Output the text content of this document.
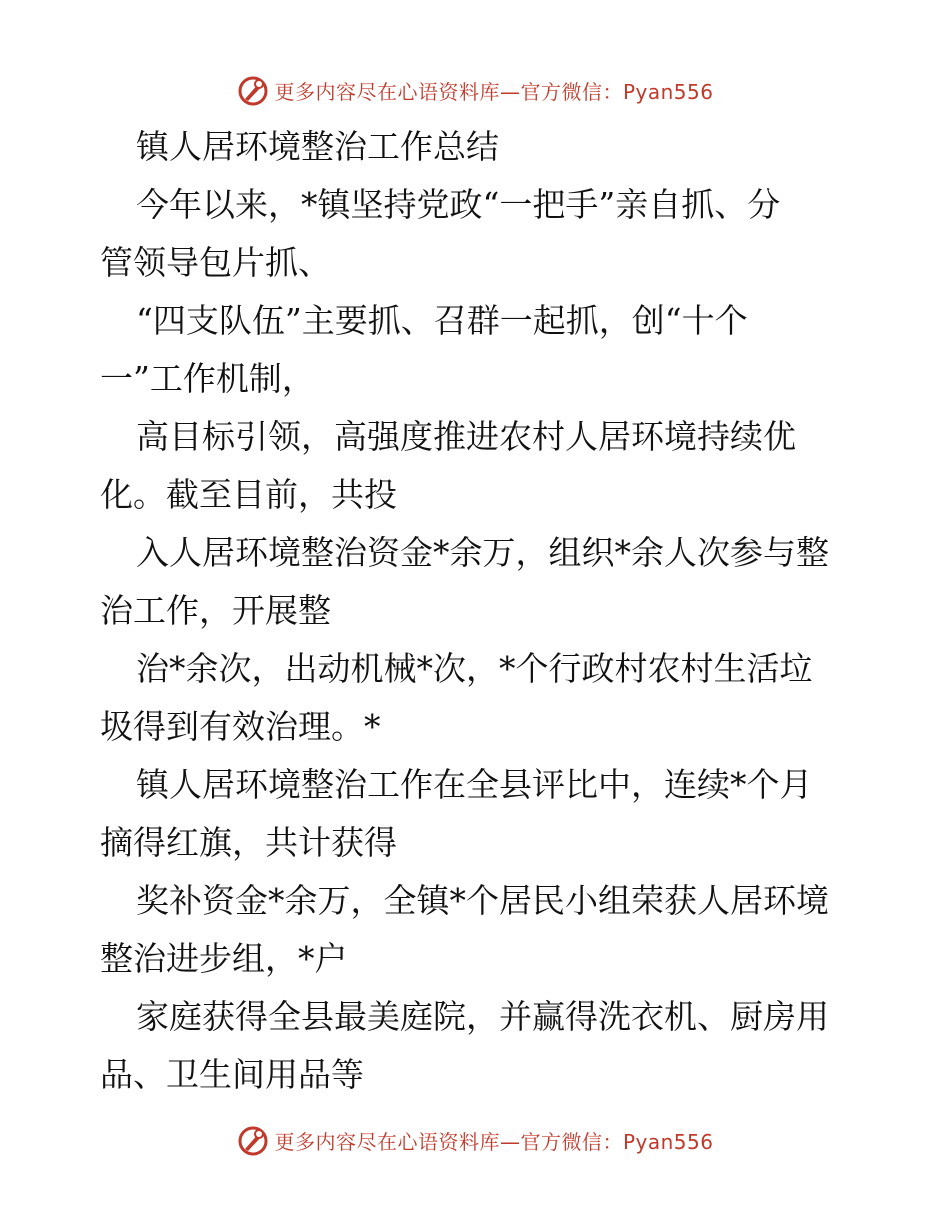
更多内容尽在心语资料库—官方微信：Pyan556
镇人居环境整治工作总结
今年以来，*镇坚持党政“一把手”亲自抓、分
管领导包片抓、
“四支队伍”主要抓、召群一起抓，创“十个
一”工作机制，
高目标引领，高强度推进农村人居环境持续优
化。截至目前，共投
入人居环境整治资金*余万，组织*余人次参与整
治工作，开展整
治*余次，出动机械*次，*个行政村农村生活垃
圾得到有效治理。*
镇人居环境整治工作在全县评比中，连续*个月
摘得红旗，共计获得
奖补资金*余万，全镇*个居民小组荣获人居环境
整治进步组，*户
家庭获得全县最美庭院，并赢得洗衣机、厨房用
品、卫生间用品等
更多内容尽在心语资料库—官方微信：Pyan556
